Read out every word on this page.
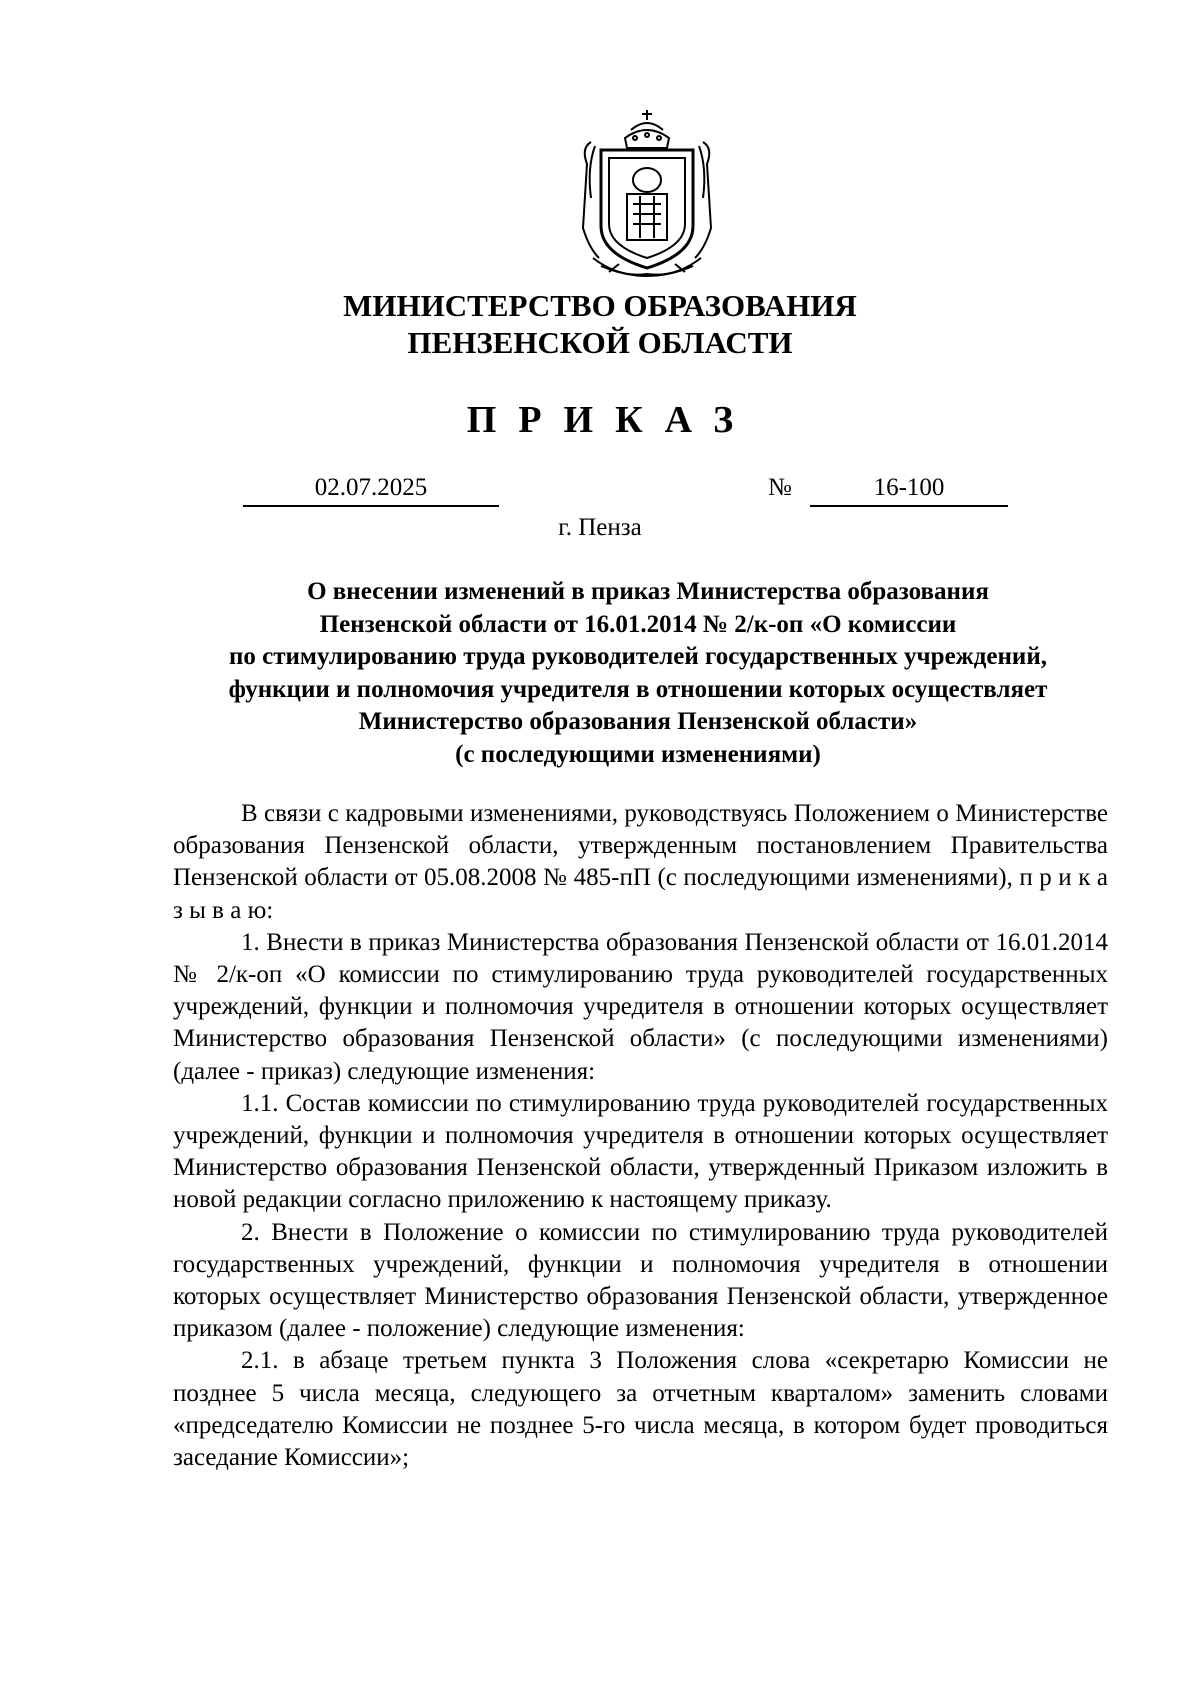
МИНИСТЕРСТВО ОБРАЗОВАНИЯ
ПЕНЗЕНСКОЙ ОБЛАСТИ
ПРИКАЗ
02.07.2025	№	16-100
г. Пенза
О внесении изменений в приказ Министерства образования
Пензенской области от 16.01.2014 № 2/к-оп «О комиссии
по стимулированию труда руководителей государственных учреждений,
функции и полномочия учредителя в отношении которых осуществляет
Министерство образования Пензенской области»
(с последующими изменениями)

В связи с кадровыми изменениями, руководствуясь Положением о Министерстве образования Пензенской области, утвержденным постановлением Правительства Пензенской области от 05.08.2008 № 485-пП (с последующими изменениями), п р и к а з ы в а ю:

1. Внести в приказ Министерства образования Пензенской области от 16.01.2014 № 2/к-оп «О комиссии по стимулированию труда руководителей государственных учреждений, функции и полномочия учредителя в отношении которых осуществляет Министерство образования Пензенской области» (с последующими изменениями) (далее - приказ) следующие изменения:

1.1. Состав комиссии по стимулированию труда руководителей государственных учреждений, функции и полномочия учредителя в отношении которых осуществляет Министерство образования Пензенской области, утвержденный Приказом изложить в новой редакции согласно приложению к настоящему приказу.

2. Внести в Положение о комиссии по стимулированию труда руководителей государственных учреждений, функции и полномочия учредителя в отношении которых осуществляет Министерство образования Пензенской области, утвержденное приказом (далее - положение) следующие изменения:

2.1. в абзаце третьем пункта 3 Положения слова «секретарю Комиссии не позднее 5 числа месяца, следующего за отчетным кварталом» заменить словами «председателю Комиссии не позднее 5-го числа месяца, в котором будет проводиться заседание Комиссии»;
